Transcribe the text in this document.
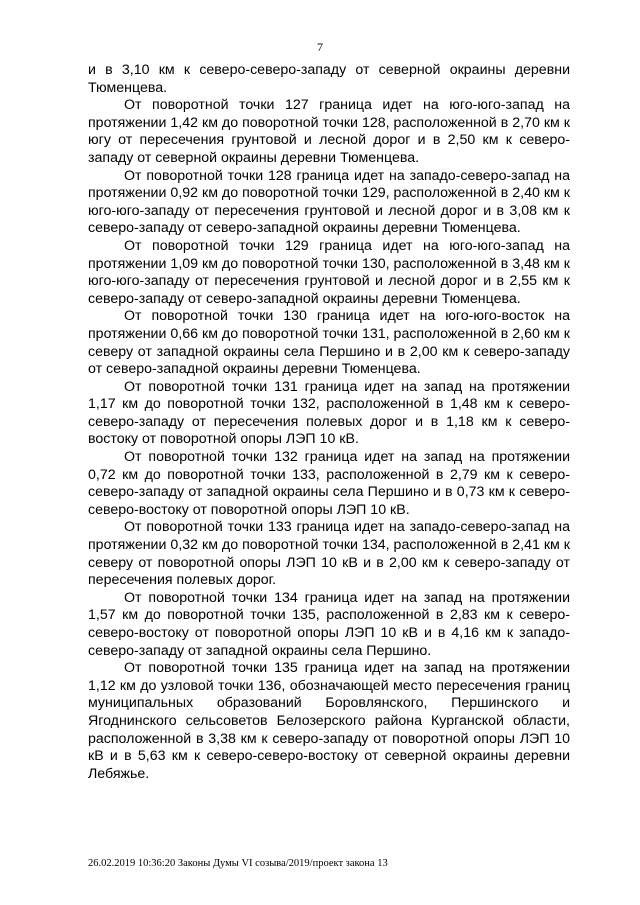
7

и в 3,10 км к северо-северо-западу от северной окраины деревни Тюменцева.

От поворотной точки 127 граница идет на юго-юго-запад на протяжении 1,42 км до поворотной точки 128, расположенной в 2,70 км к югу от пересечения грунтовой и лесной дорог и в 2,50 км к северо-западу от северной окраины деревни Тюменцева.

От поворотной точки 128 граница идет на западо-северо-запад на протяжении 0,92 км до поворотной точки 129, расположенной в 2,40 км к юго-юго-западу от пересечения грунтовой и лесной дорог и в 3,08 км к северо-западу от северо-западной окраины деревни Тюменцева.

От поворотной точки 129 граница идет на юго-юго-запад на протяжении 1,09 км до поворотной точки 130, расположенной в 3,48 км к юго-юго-западу от пересечения грунтовой и лесной дорог и в 2,55 км к северо-западу от северо-западной окраины деревни Тюменцева.

От поворотной точки 130 граница идет на юго-юго-восток на протяжении 0,66 км до поворотной точки 131, расположенной в 2,60 км к северу от западной окраины села Першино и в 2,00 км к северо-западу от северо-западной окраины деревни Тюменцева.

От поворотной точки 131 граница идет на запад на протяжении 1,17 км до поворотной точки 132, расположенной в 1,48 км к северо-северо-западу от пересечения полевых дорог и в 1,18 км к северо-востоку от поворотной опоры ЛЭП 10 кВ.

От поворотной точки 132 граница идет на запад на протяжении 0,72 км до поворотной точки 133, расположенной в 2,79 км к северо-северо-западу от западной окраины села Першино и в 0,73 км к северо-северо-востоку от поворотной опоры ЛЭП 10 кВ.

От поворотной точки 133 граница идет на западо-северо-запад на протяжении 0,32 км до поворотной точки 134, расположенной в 2,41 км к северу от поворотной опоры ЛЭП 10 кВ и в 2,00 км к северо-западу от пересечения полевых дорог.

От поворотной точки 134 граница идет на запад на протяжении 1,57 км до поворотной точки 135, расположенной в 2,83 км к северо-северо-востоку от поворотной опоры ЛЭП 10 кВ и в 4,16 км к западо-северо-западу от западной окраины села Першино.

От поворотной точки 135 граница идет на запад на протяжении 1,12 км до узловой точки 136, обозначающей место пересечения границ муниципальных образований Боровлянского, Першинского и Ягоднинского сельсоветов Белозерского района Курганской области, расположенной в 3,38 км к северо-западу от поворотной опоры ЛЭП 10 кВ и в 5,63 км к северо-северо-востоку от северной окраины деревни Лебяжье.

26.02.2019 10:36:20 Законы Думы VI созыва/2019/проект закона 13
